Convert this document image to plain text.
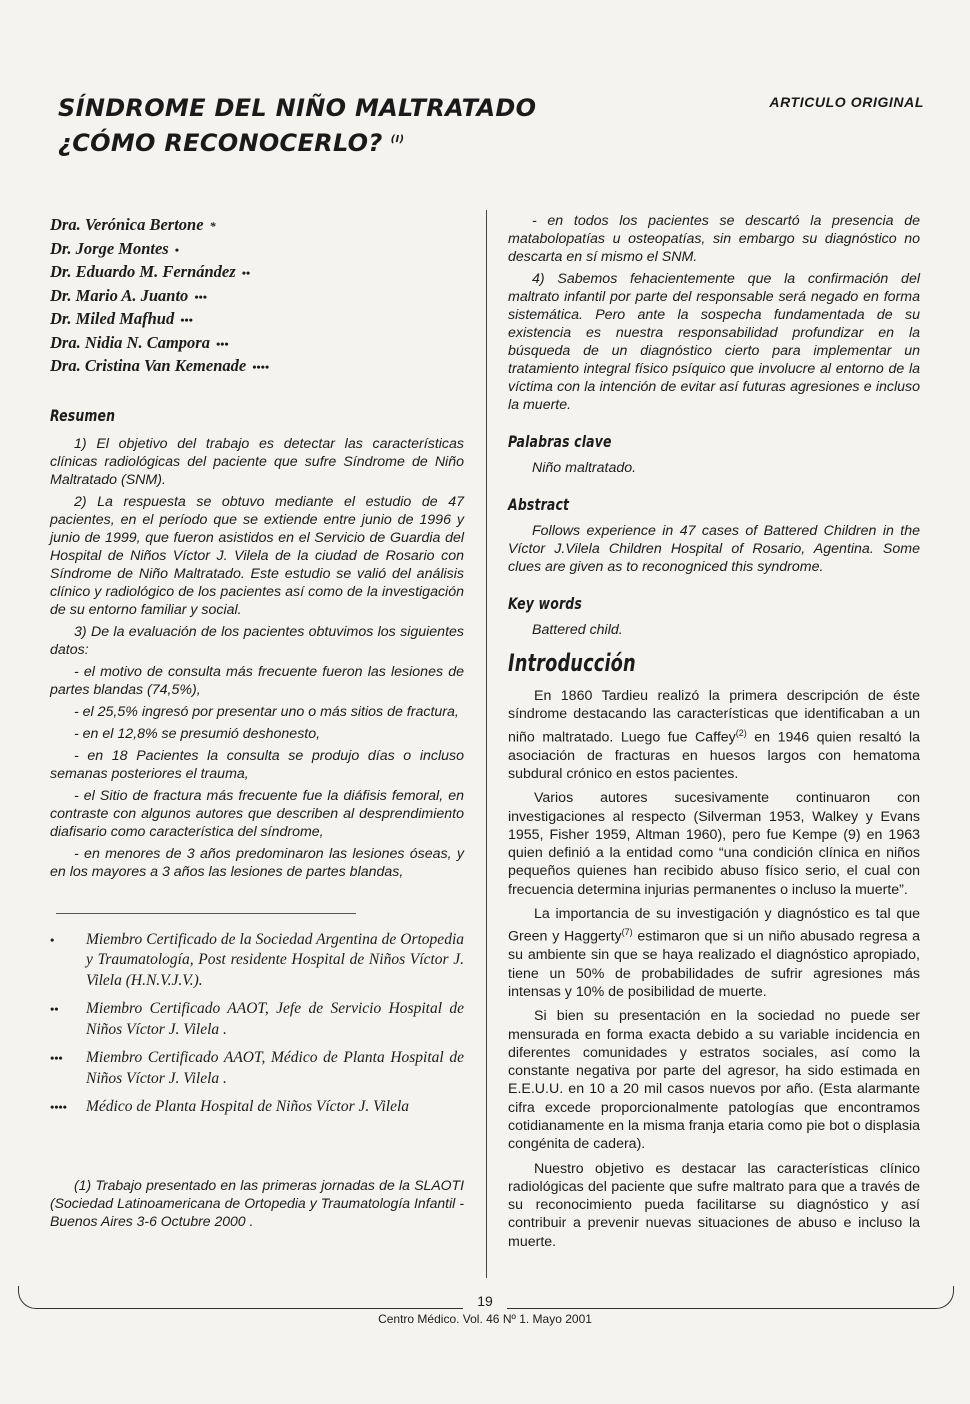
SÍNDROME DEL NIÑO MALTRATADO
¿CÓMO RECONOCERLO? $^{(I)}$
ARTICULO ORIGINAL
Dra. Verónica Bertone *
Dr. Jorge Montes •
Dr. Eduardo M. Fernández ••
Dr. Mario A. Juanto •••
Dr. Miled Mafhud •••
Dra. Nidia N. Campora •••
Dra. Cristina Van Kemenade ••••
Resumen

1) El objetivo del trabajo es detectar las características clínicas radiológicas del paciente que sufre Síndrome de Niño Maltratado (SNM).

2) La respuesta se obtuvo mediante el estudio de 47 pacientes, en el período que se extiende entre junio de 1996 y junio de 1999, que fueron asistidos en el Servicio de Guardia del Hospital de Niños Víctor J. Vilela de la ciudad de Rosario con Síndrome de Niño Maltratado. Este estudio se valió del análisis clínico y radiológico de los pacientes así como de la investigación de su entorno familiar y social.

3) De la evaluación de los pacientes obtuvimos los siguientes datos:

- el motivo de consulta más frecuente fueron las lesiones de partes blandas (74,5%),

- el 25,5% ingresó por presentar uno o más sitios de fractura,

- en el 12,8% se presumió deshonesto,

- en 18 Pacientes la consulta se produjo días o incluso semanas posteriores el trauma,

- el Sitio de fractura más frecuente fue la diáfisis femoral, en contraste con algunos autores que describen al desprendimiento diafisario como característica del síndrome,

- en menores de 3 años predominaron las lesiones óseas, y en los mayores a 3 años las lesiones de partes blandas,

• Miembro Certificado de la Sociedad Argentina de Ortopedia y Traumatología, Post residente Hospital de Niños Víctor J. Vilela (H.N.V.J.V.).

•• Miembro Certificado AAOT, Jefe de Servicio Hospital de Niños Víctor J. Vilela .

••• Miembro Certificado AAOT, Médico de Planta Hospital de Niños Víctor J. Vilela .

•••• Médico de Planta Hospital de Niños Víctor J. Vilela

(1) Trabajo presentado en las primeras jornadas de la SLAOTI (Sociedad Latinoamericana de Ortopedia y Traumatología Infantil - Buenos Aires 3-6 Octubre 2000 .

- en todos los pacientes se descartó la presencia de matabolopatías u osteopatías, sin embargo su diagnóstico no descarta en sí mismo el SNM.

4) Sabemos fehacientemente que la confirmación del maltrato infantil por parte del responsable será negado en forma sistemática. Pero ante la sospecha fundamentada de su existencia es nuestra responsabilidad profundizar en la búsqueda de un diagnóstico cierto para implementar un tratamiento integral físico psíquico que involucre al entorno de la víctima con la intención de evitar así futuras agresiones e incluso la muerte.

Palabras clave

Niño maltratado.

Abstract

Follows experience in 47 cases of Battered Children in the Víctor J.Vilela Children Hospital of Rosario, Agentina. Some clues are given as to reconogniced this syndrome.

Key words

Battered child.

Introducción

En 1860 Tardieu realizó la primera descripción de éste síndrome destacando las características que identificaban a un niño maltratado. Luego fue Caffey$^{(2)}$ en 1946 quien resaltó la asociación de fracturas en huesos largos con hematoma subdural crónico en estos pacientes.

Varios autores sucesivamente continuaron con investigaciones al respecto (Silverman 1953, Walkey y Evans 1955, Fisher 1959, Altman 1960), pero fue Kempe (9) en 1963 quien definió a la entidad como “una condición clínica en niños pequeños quienes han recibido abuso físico serio, el cual con frecuencia determina injurias permanentes o incluso la muerte”.

La importancia de su investigación y diagnóstico es tal que Green y Haggerty$^{(7)}$ estimaron que si un niño abusado regresa a su ambiente sin que se haya realizado el diagnóstico apropiado, tiene un 50% de probabilidades de sufrir agresiones más intensas y 10% de posibilidad de muerte.

Si bien su presentación en la sociedad no puede ser mensurada en forma exacta debido a su variable incidencia en diferentes comunidades y estratos sociales, así como la constante negativa por parte del agresor, ha sido estimada en E.E.U.U. en 10 a 20 mil casos nuevos por año. (Esta alarmante cifra excede proporcionalmente patologías que encontramos cotidianamente en la misma franja etaria como pie bot o displasia congénita de cadera).

Nuestro objetivo es destacar las características clínico radiológicas del paciente que sufre maltrato para que a través de su reconocimiento pueda facilitarse su diagnóstico y así contribuir a prevenir nuevas situaciones de abuso e incluso la muerte.

19
Centro Médico. Vol. 46 Nº 1. Mayo 2001
